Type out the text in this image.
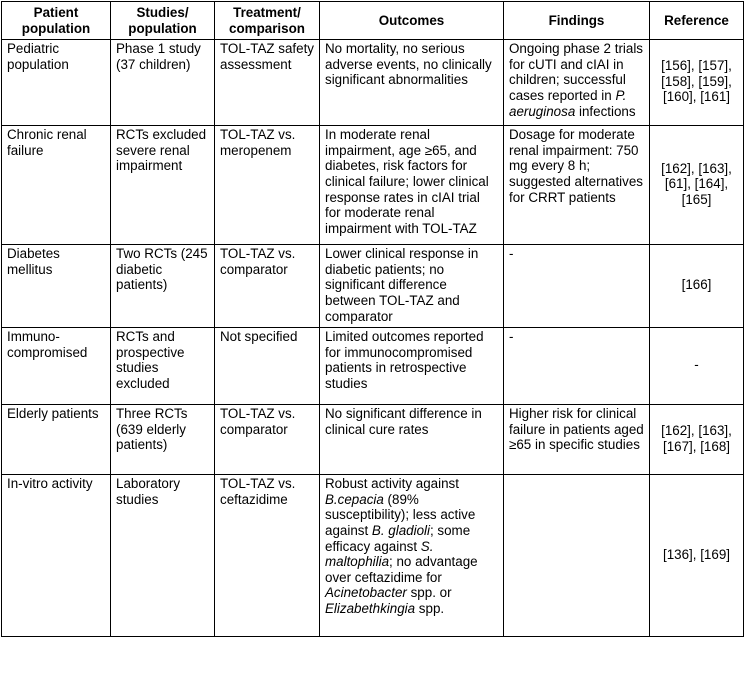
Patient population	Studies/ population	Treatment/ comparison	Outcomes	Findings	Reference
Pediatric population	Phase 1 study (37 children)	TOL-TAZ safety assessment	No mortality, no serious adverse events, no clinically significant abnormalities	Ongoing phase 2 trials for cUTI and cIAI in children; successful cases reported in P. aeruginosa infections	[156], [157], [158], [159], [160], [161]
Chronic renal failure	RCTs excluded severe renal impairment	TOL-TAZ vs. meropenem	In moderate renal impairment, age ≥65, and diabetes, risk factors for clinical failure; lower clinical response rates in cIAI trial for moderate renal impairment with TOL-TAZ	Dosage for moderate renal impairment: 750 mg every 8 h; suggested alternatives for CRRT patients	[162], [163], [61], [164], [165]
Diabetes mellitus	Two RCTs (245 diabetic patients)	TOL-TAZ vs. comparator	Lower clinical response in diabetic patients; no significant difference between TOL-TAZ and comparator	-	[166]
Immuno-compromised	RCTs and prospective studies excluded	Not specified	Limited outcomes reported for immunocompromised patients in retrospective studies	-	-
Elderly patients	Three RCTs (639 elderly patients)	TOL-TAZ vs. comparator	No significant difference in clinical cure rates	Higher risk for clinical failure in patients aged ≥65 in specific studies	[162], [163], [167], [168]
In-vitro activity	Laboratory studies	TOL-TAZ vs. ceftazidime	Robust activity against B.cepacia (89% susceptibility); less active against B. gladioli; some efficacy against S. maltophilia; no advantage over ceftazidime for Acinetobacter spp. or Elizabethkingia spp.		[136], [169]
